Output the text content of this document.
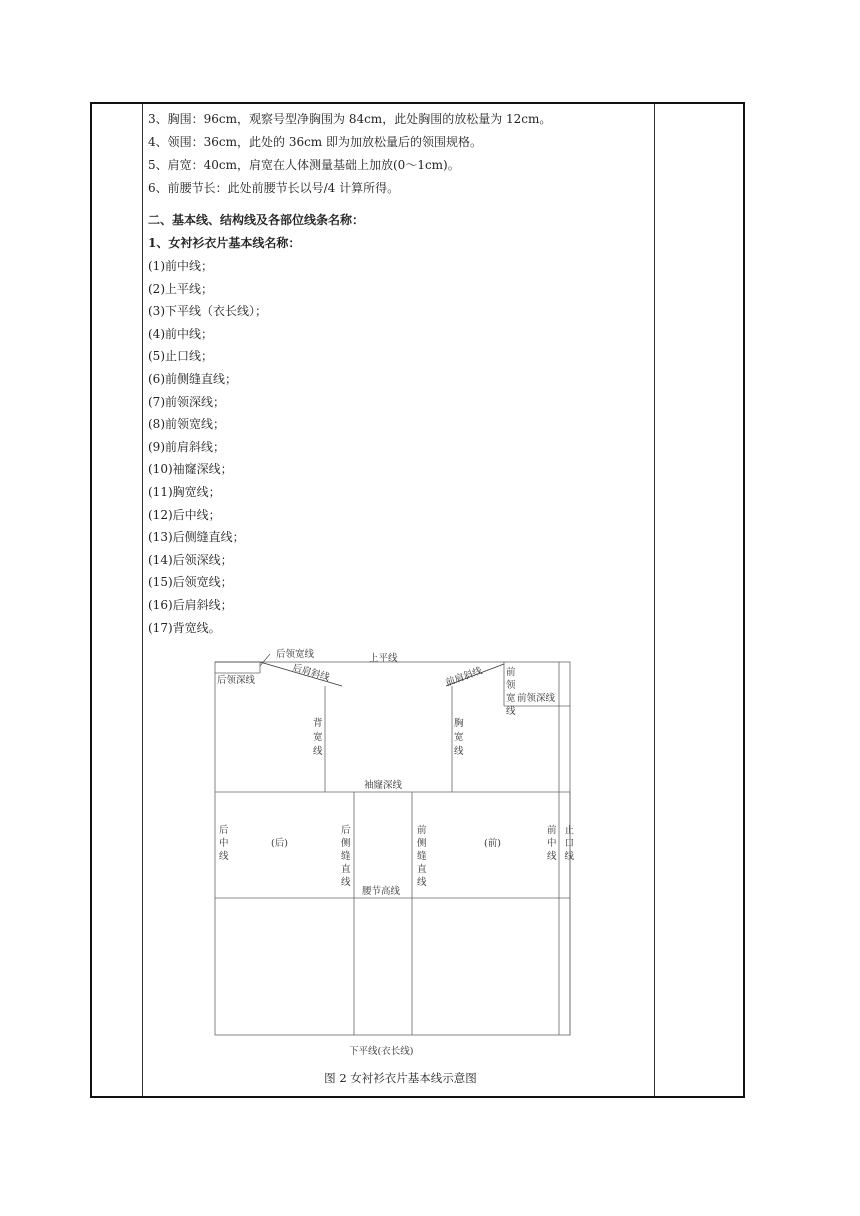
3、胸围：96cm，观察号型净胸围为 84cm，此处胸围的放松量为 12cm。
4、领围：36cm，此处的 36cm 即为加放松量后的领围规格。
5、肩宽：40cm，肩宽在人体测量基础上加放(0～1cm)。
6、前腰节长：此处前腰节长以号/4 计算所得。
二、基本线、结构线及各部位线条名称：
1、女衬衫衣片基本线名称：
(1)前中线；
(2)上平线；
(3)下平线（衣长线）；
(4)前中线；
(5)止口线；
(6)前侧缝直线；
(7)前领深线；
(8)前领宽线；
(9)前肩斜线；
(10)袖窿深线；
(11)胸宽线；
(12)后中线；
(13)后侧缝直线；
(14)后领深线；
(15)后领宽线；
(16)后肩斜线；
(17)背宽线。
后领宽线	上平线
后肩斜线
后领深线	前肩斜线
前领深线
前
领
宽
线
背
宽
线
胸
宽
线
袖窿深线
后
中
线
(后)
后
侧
缝
直
线
前
侧
缝
直
线
(前)
前
中
线
止
口
线
腰节高线
下平线(衣长线)
图 2 女衬衫衣片基本线示意图
